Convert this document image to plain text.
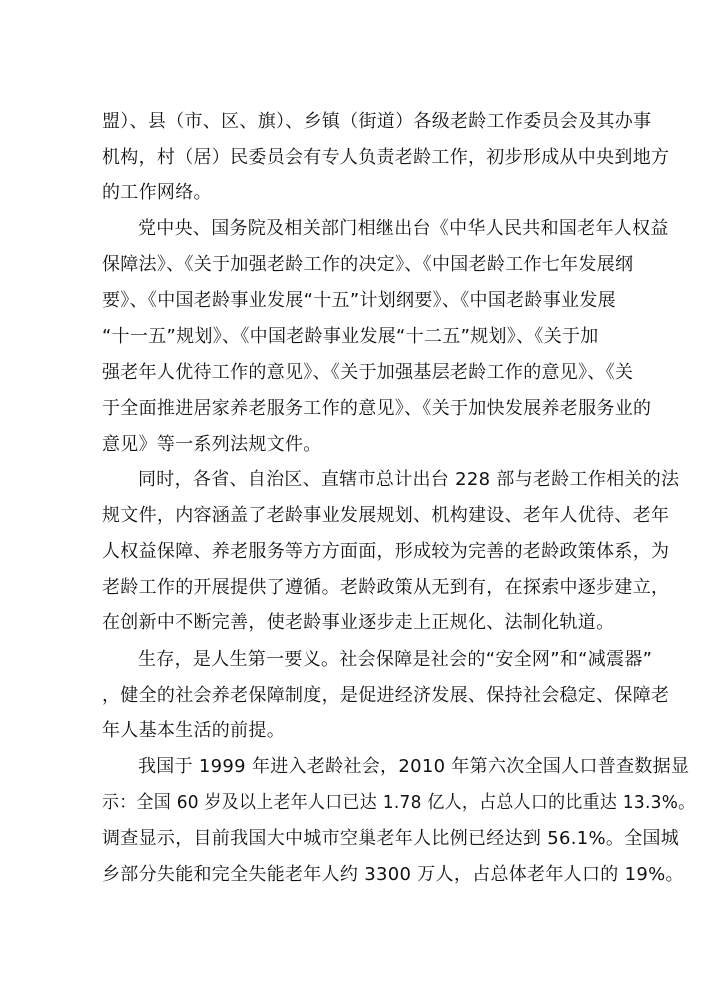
盟）、县（市、区、旗）、乡镇（街道）各级老龄工作委员会及其办事
机构，村（居）民委员会有专人负责老龄工作，初步形成从中央到地方
的工作网络。
党中央、国务院及相关部门相继出台《中华人民共和国老年人权益
保障法》、《关于加强老龄工作的决定》、《中国老龄工作七年发展纲
要》、《中国老龄事业发展“十五”计划纲要》、《中国老龄事业发展
“十一五”规划》、《中国老龄事业发展“十二五”规划》、《关于加
强老年人优待工作的意见》、《关于加强基层老龄工作的意见》、《关
于全面推进居家养老服务工作的意见》、《关于加快发展养老服务业的
意见》等一系列法规文件。
同时，各省、自治区、直辖市总计出台 228 部与老龄工作相关的法
规文件，内容涵盖了老龄事业发展规划、机构建设、老年人优待、老年
人权益保障、养老服务等方方面面，形成较为完善的老龄政策体系，为
老龄工作的开展提供了遵循。老龄政策从无到有，在探索中逐步建立，
在创新中不断完善，使老龄事业逐步走上正规化、法制化轨道。
生存，是人生第一要义。社会保障是社会的“安全网”和“减震器”
，健全的社会养老保障制度，是促进经济发展、保持社会稳定、保障老
年人基本生活的前提。
我国于 1999 年进入老龄社会，2010 年第六次全国人口普查数据显
示：全国 60 岁及以上老年人口已达 1.78 亿人，占总人口的比重达 13.3%。
调查显示，目前我国大中城市空巢老年人比例已经达到 56.1%。全国城
乡部分失能和完全失能老年人约 3300 万人，占总体老年人口的 19%。
